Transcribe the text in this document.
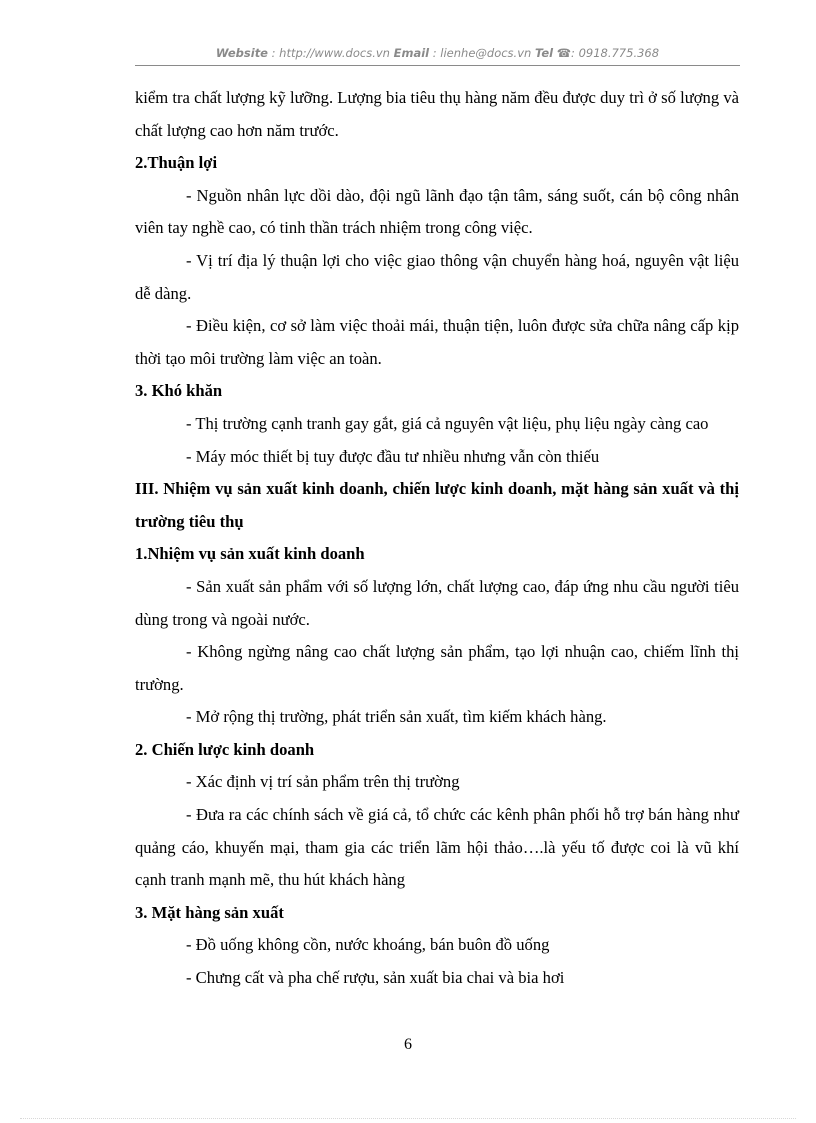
Website : http://www.docs.vn Email : lienhe@docs.vn Tel ☎: 0918.775.368

kiểm tra chất lượng kỹ lưỡng. Lượng bia tiêu thụ hàng năm đều được duy trì ở số lượng và chất lượng cao hơn năm trước.

2.Thuận lợi

- Nguồn nhân lực dồi dào, đội ngũ lãnh đạo tận tâm, sáng suốt, cán bộ công nhân viên tay nghề cao, có tinh thần trách nhiệm trong công việc.

- Vị trí địa lý thuận lợi cho việc giao thông vận chuyển hàng hoá, nguyên vật liệu dễ dàng.

- Điều kiện, cơ sở làm việc thoải mái, thuận tiện, luôn được sửa chữa nâng cấp kịp thời tạo môi trường làm việc an toàn.

3. Khó khăn

- Thị trường cạnh tranh gay gắt, giá cả nguyên vật liệu, phụ liệu ngày càng cao

- Máy móc thiết bị tuy được đầu tư nhiều nhưng vẫn còn thiếu

III. Nhiệm vụ sản xuất kinh doanh, chiến lược kinh doanh, mặt hàng sản xuất và thị trường tiêu thụ

1.Nhiệm vụ sản xuất kinh doanh

- Sản xuất sản phẩm với số lượng lớn, chất lượng cao, đáp ứng nhu cầu người tiêu dùng trong và ngoài nước.

- Không ngừng nâng cao chất lượng sản phẩm, tạo lợi nhuận cao, chiếm lĩnh thị trường.

- Mở rộng thị trường, phát triển sản xuất, tìm kiếm khách hàng.

2. Chiến lược kinh doanh

- Xác định vị trí sản phẩm trên thị trường

- Đưa ra các chính sách về giá cả, tổ chức các kênh phân phối hỗ trợ bán hàng như quảng cáo, khuyến mại, tham gia các triển lãm hội thảo….là yếu tố được coi là vũ khí cạnh tranh mạnh mẽ, thu hút khách hàng

3. Mặt hàng sản xuất

- Đồ uống không cồn, nước khoáng, bán buôn đồ uống

- Chưng cất và pha chế rượu, sản xuất bia chai và bia hơi

6
